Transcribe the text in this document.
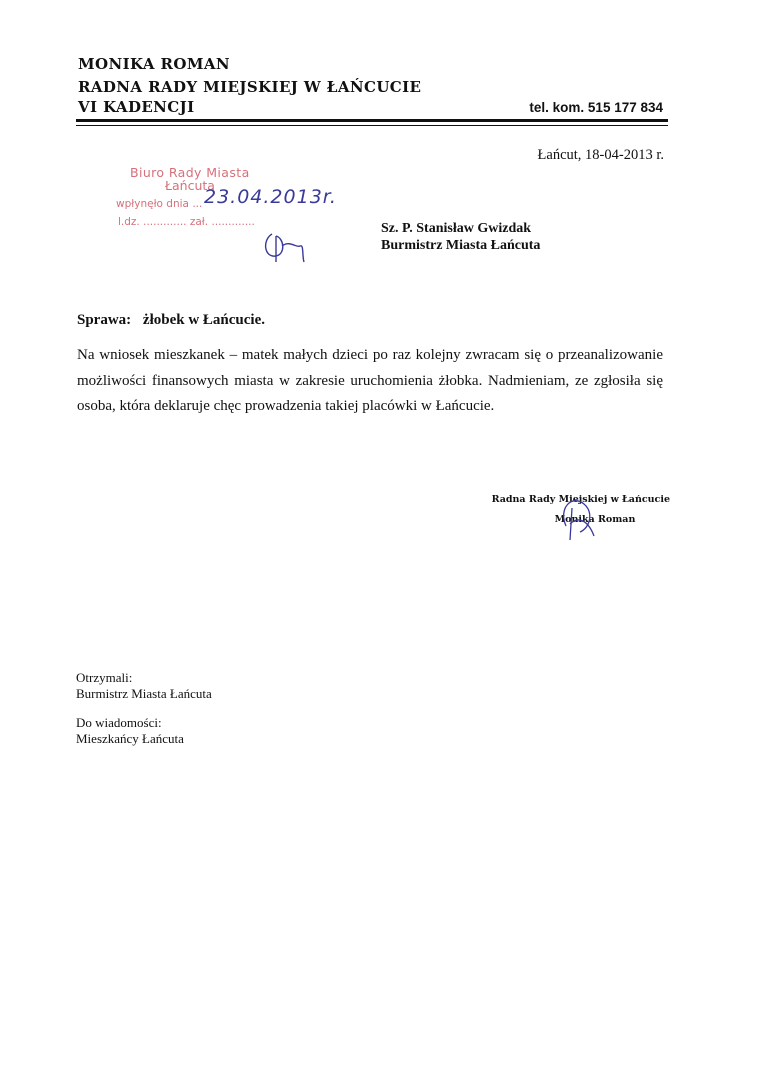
MONIKA ROMAN

RADNA RADY MIEJSKIEJ W ŁAŃCUCIE

VI KADENCJI	tel. kom. 515 177 834

Łańcut, 18-04-2013 r.
Biuro Rady Miasta
Łańcuta
wpłynęło dnia ... 23.04.2013r.
l.dz. ............. zał. .............	Sz. P. Stanisław Gwizdak
Burmistrz Miasta Łańcuta
Sprawa: żłobek w Łańcucie.

Na wniosek mieszkanek – matek małych dzieci po raz kolejny zwracam się o przeanalizowanie możliwości finansowych miasta w zakresie uruchomienia żłobka. Nadmieniam, ze zgłosiła się osoba, która deklaruje chęc prowadzenia takiej placówki w Łańcucie.

Radna Rady Miejskiej w Łańcucie
Monika Roman
Otrzymali:
Burmistrz Miasta Łańcuta
Do wiadomości:
Mieszkańcy Łańcuta
